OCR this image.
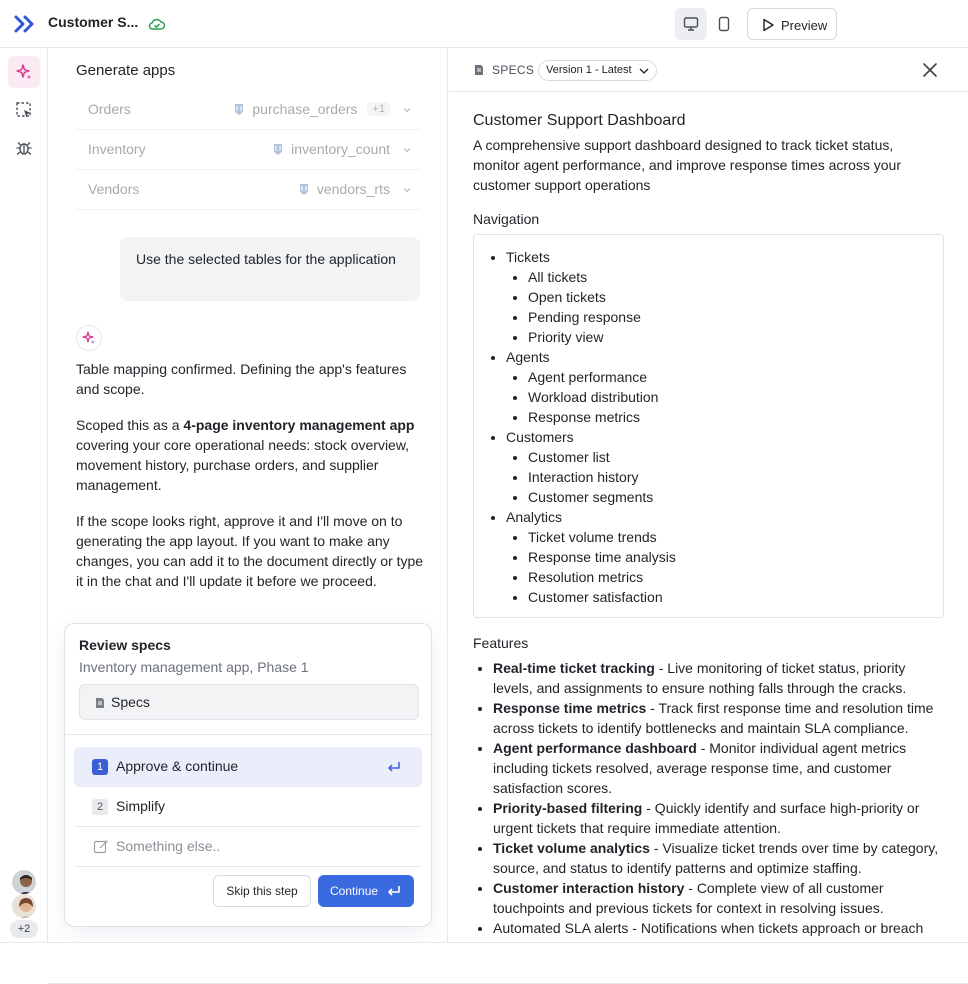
Customer S...	Preview
+2
Generate apps
Orders	purchase_orders	+1
Inventory	inventory_count
Vendors	vendors_rts
Use the selected tables for the application

Table mapping confirmed. Defining the app's features and scope.

Scoped this as a 4-page inventory management app covering your core operational needs: stock overview, movement history, purchase orders, and supplier management.

If the scope looks right, approve it and I'll move on to generating the app layout. If you want to make any changes, you can add it to the document directly or type it in the chat and I'll update it before we proceed.

Review specs
Inventory management app, Phase 1
Specs
1 Approve & continue
2 Simplify
Something else..
Skip this step	Continue
SPECS	Version 1 - Latest
Customer Support Dashboard
A comprehensive support dashboard designed to track ticket status, monitor agent performance, and improve response times across your customer support operations
Navigation
• Tickets
• All tickets
• Open tickets
• Pending response
• Priority view
• Agents
• Agent performance
• Workload distribution
• Response metrics
• Customers
• Customer list
• Interaction history
• Customer segments
• Analytics
• Ticket volume trends
• Response time analysis
• Resolution metrics
• Customer satisfaction
Features
• Real-time ticket tracking - Live monitoring of ticket status, priority levels, and assignments to ensure nothing falls through the cracks.
• Response time metrics - Track first response time and resolution time across tickets to identify bottlenecks and maintain SLA compliance.
• Agent performance dashboard - Monitor individual agent metrics including tickets resolved, average response time, and customer satisfaction scores.
• Priority-based filtering - Quickly identify and surface high-priority or urgent tickets that require immediate attention.
• Ticket volume analytics - Visualize ticket trends over time by category, source, and status to identify patterns and optimize staffing.
• Customer interaction history - Complete view of all customer touchpoints and previous tickets for context in resolving issues.
• Automated SLA alerts - Notifications when tickets approach or breach
